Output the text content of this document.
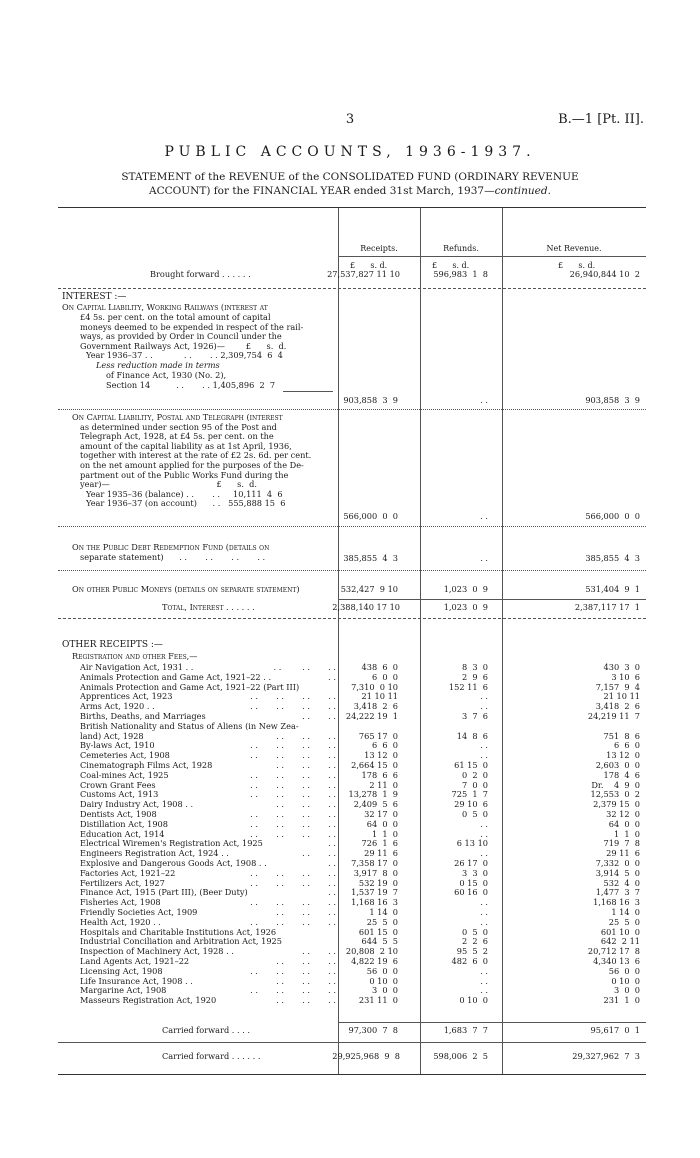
3	B.—1 [Pt. II].
PUBLIC ACCOUNTS, 1936-1937.
STATEMENT of the REVENUE of the CONSOLIDATED FUND (ORDINARY REVENUE
ACCOUNT) for the FINANCIAL YEAR ended 31st March, 1937—continued.
Receipts.	Refunds.	Net Revenue.
£      s. d.	£      s. d.	£      s. d.
Brought forward . . . . . .	27,537,827 11 10	596,983  1  8	26,940,844 10  2
INTEREST :—
On Capital Liability, Working Railways (interest at
£4 5s. per cent. on the total amount of capital
moneys deemed to be expended in respect of the rail-
ways, as provided by Order in Council under the
Government Railways Act, 1926)—        £      s.  d.
Year 1936–37 . .            . .       . . 2,309,754  6  4
Less reduction made in terms
of Finance Act, 1930 (No. 2),
Section 14          . .       . . 1,405,896  2  7
903,858  3  9	. .	903,858  3  9
On Capital Liability, Postal and Telegraph (interest
as determined under section 95 of the Post and
Telegraph Act, 1928, at £4 5s. per cent. on the
amount of the capital liability as at 1st April, 1936,
together with interest at the rate of £2 2s. 6d. per cent.
on the net amount applied for the purposes of the De-
partment out of the Public Works Fund during the
year)—                                         £      s.  d.
Year 1935–36 (balance) . .       . .     10,111  4  6
Year 1936–37 (on account)      . .   555,888 15  6
566,000  0  0	. .	566,000  0  0
On the Public Debt Redemption Fund (details on
separate statement)      . .       . .       . .       . .	385,855  4  3	. .	385,855  4  3
On other Public Moneys (details on separate statement)	532,427  9 10	1,023  0  9	531,404  9  1
Total, Interest . . . . . .	2,388,140 17 10	1,023  0  9	2,387,117 17  1
OTHER RECEIPTS :—
Registration and other Fees,—
Air Navigation Act, 1931 . .	. .        . .       . .	438  6  0	8  3  0	430  3  0
Animals Protection and Game Act, 1921–22 . .	. .	6  0  0	2  9  6	3 10  6
Animals Protection and Game Act, 1921–22 (Part III)	7,310  0 10	152 11  6	7,157  9  4
Apprentices Act, 1923	. .       . .       . .       . .	21 10 11	. .	21 10 11
Arms Act, 1920 . .	. .       . .       . .       . .	3,418  2  6	. .	3,418  2  6
Births, Deaths, and Marriages	. .       . .	24,222 19  1	3  7  6	24,219 11  7
British Nationality and Status of Aliens (in New Zea-
land) Act, 1928	. .       . .       . .	765 17  0	14  8  6	751  8  6
By-laws Act, 1910	. .       . .       . .       . .	6  6  0	. .	6  6  0
Cemeteries Act, 1908	. .       . .       . .       . .	13 12  0	. .	13 12  0
Cinematograph Films Act, 1928	. .       . .       . .	2,664 15  0	61 15  0	2,603  0  0
Coal-mines Act, 1925	. .       . .       . .       . .	178  6  6	0  2  0	178  4  6
Crown Grant Fees	. .       . .       . .       . .	2 11  0	7  0  0	Dr.    4  9  0
Customs Act, 1913	. .       . .       . .       . .	13,278  1  9	725  1  7	12,553  0  2
Dairy Industry Act, 1908 . .	. .       . .       . .	2,409  5  6	29 10  6	2,379 15  0
Dentists Act, 1908	. .       . .       . .       . .	32 17  0	0  5  0	32 12  0
Distillation Act, 1908	. .       . .       . .       . .	64  0  0	. .	64  0  0
Education Act, 1914	. .       . .       . .       . .	1  1  0	. .	1  1  0
Electrical Wiremen's Registration Act, 1925	. .	726  1  6	6 13 10	719  7  8
Engineers Registration Act, 1924 . .	. .       . .	29 11  6	. .	29 11  6
Explosive and Dangerous Goods Act, 1908 . .	. .	7,358 17  0	26 17  0	7,332  0  0
Factories Act, 1921–22	. .       . .       . .       . .	3,917  8  0	3  3  0	3,914  5  0
Fertilizers Act, 1927	. .       . .       . .       . .	532 19  0	0 15  0	532  4  0
Finance Act, 1915 (Part III), (Beer Duty)	. .	1,537 19  7	60 16  0	1,477  3  7
Fisheries Act, 1908	. .       . .       . .       . .	1,168 16  3	. .	1,168 16  3
Friendly Societies Act, 1909	. .       . .       . .	1 14  0	. .	1 14  0
Health Act, 1920 . .	. .       . .       . .       . .	25  5  0	. .	25  5  0
Hospitals and Charitable Institutions Act, 1926	601 15  0	0  5  0	601 10  0
Industrial Conciliation and Arbitration Act, 1925	644  5  5	2  2  6	642  2 11
Inspection of Machinery Act, 1928 . .	. .       . .	20,808  2 10	95  5  2	20,712 17  8
Land Agents Act, 1921–22	. .       . .       . .	4,822 19  6	482  6  0	4,340 13  6
Licensing Act, 1908	. .       . .       . .       . .	56  0  0	. .	56  0  0
Life Insurance Act, 1908 . .	. .       . .       . .	0 10  0	. .	0 10  0
Margarine Act, 1908	. .       . .       . .       . .	3  0  0	. .	3  0  0
Masseurs Registration Act, 1920	. .       . .       . .	231 11  0	0 10  0	231  1  0
Carried forward . . . .	97,300  7  8	1,683  7  7	95,617  0  1
Carried forward . . . . . .	29,925,968  9  8	598,006  2  5	29,327,962  7  3
